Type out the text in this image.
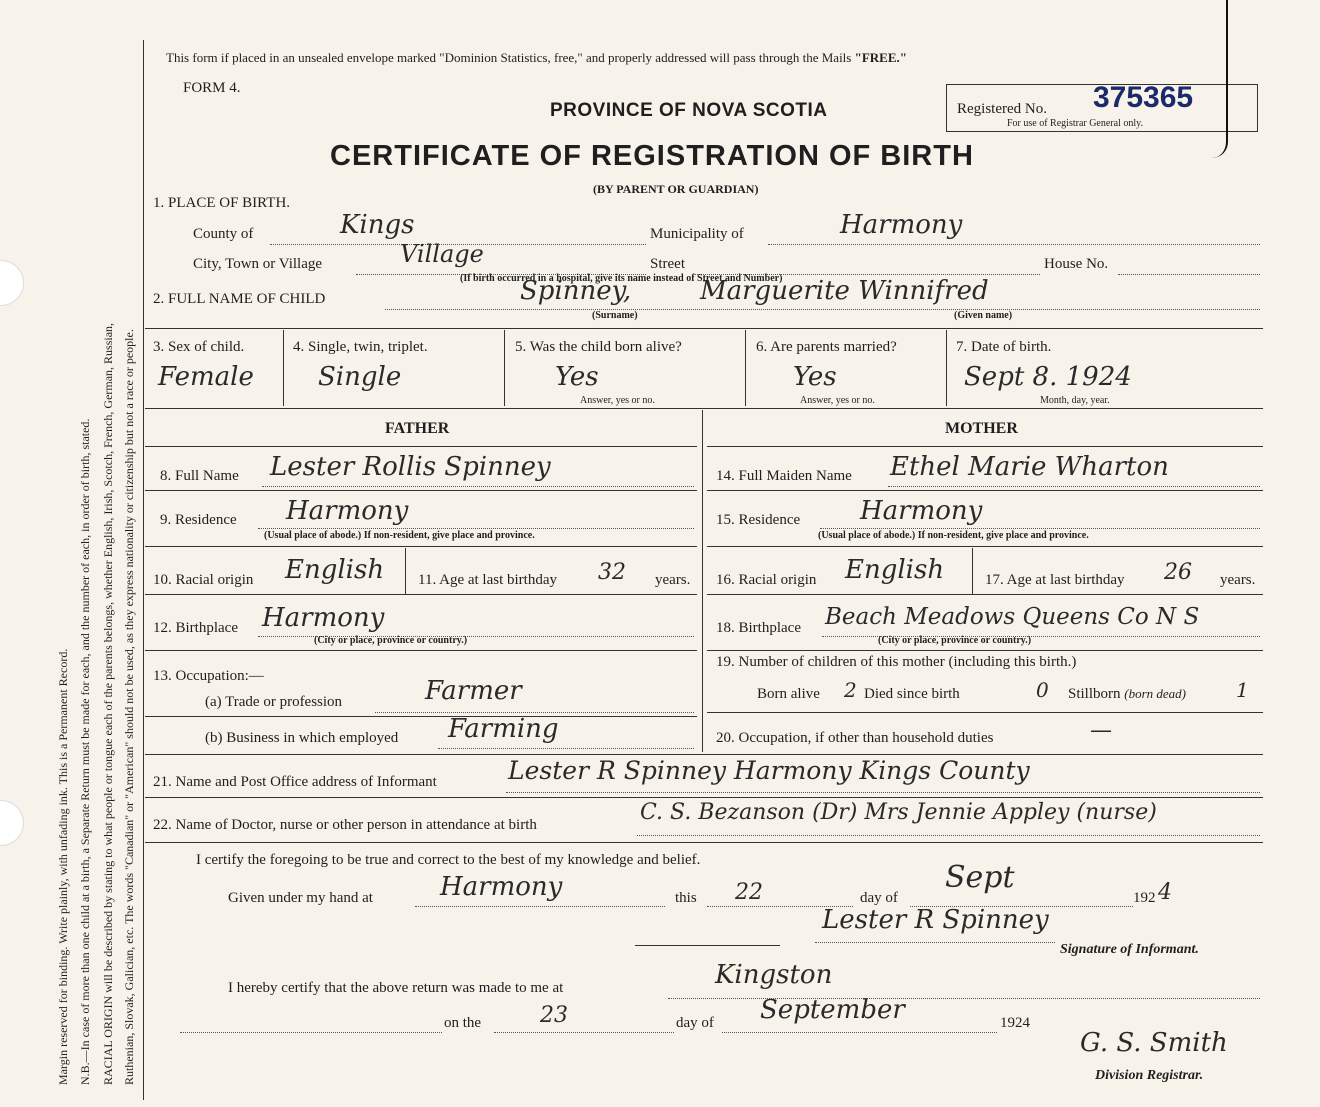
Margin reserved for binding. Write plainly, with unfading ink. This is a Permanent Record. N.B.—In case of more than one child at a birth, a Separate Return must be made for each, and the number of each, in order of birth, stated. RACIAL ORIGIN will be described by stating to what people or tongue each of the parents belongs, whether English, Irish, Scotch, French, German, Russian, Ruthenian, Slovak, Galician, etc. The words "Canadian" or "American" should not be used, as they express nationality or citizenship but not a race or people.
This form if placed in an unsealed envelope marked "Dominion Statistics, free," and properly addressed will pass through the Mails "FREE."
FORM 4.
PROVINCE OF NOVA SCOTIA
CERTIFICATE OF REGISTRATION OF BIRTH
(BY PARENT OR GUARDIAN)
Registered No. 375365
For use of Registrar General only.
1. PLACE OF BIRTH.
County of	Kings	Municipality of	Harmony
City, Town or Village	Village	Street	House No.
(If birth occurred in a hospital, give its name instead of Street and Number)
2. FULL NAME OF CHILD	Spinney,	Marguerite Winnifred
(Surname)	(Given name)
3. Sex of child.
Female
4. Single, twin, triplet.
Single
5. Was the child born alive?
Yes
Answer, yes or no.
6. Are parents married?
Yes
Answer, yes or no.
7. Date of birth.
Sept 8. 1924
Month, day, year.
FATHER	MOTHER
8. Full Name Lester Rollis Spinney
9. Residence Harmony
(Usual place of abode.) If non-resident, give place and province.
10. Racial origin English 11. Age at last birthday 32 years.
12. Birthplace Harmony
(City or place, province or country.)
13. Occupation:—
(a) Trade or profession	Farmer
(b) Business in which employed Farming
14. Full Maiden Name Ethel Marie Wharton
15. Residence Harmony
(Usual place of abode.) If non-resident, give place and province.
16. Racial origin English	17. Age at last birthday 26 years.
18. Birthplace Beach Meadows Queens Co N S
(City or place, province or country.)
19. Number of children of this mother (including this birth.)
Born alive 2 Died since birth	0 Stillborn (born dead) 1
20. Occupation, if other than household duties	—
21. Name and Post Office address of Informant	Lester R Spinney Harmony Kings County
22. Name of Doctor, nurse or other person in attendance at birth	C. S. Bezanson (Dr) Mrs Jennie Appley (nurse)
I certify the foregoing to be true and correct to the best of my knowledge and belief.
Given under my hand at	Harmony	this 22	day of
Sept
192 4
Lester R Spinney
Signature of Informant.
I hereby certify that the above return was made to me at	Kingston
on the	23	day of September	1924
G. S. Smith
Division Registrar.
